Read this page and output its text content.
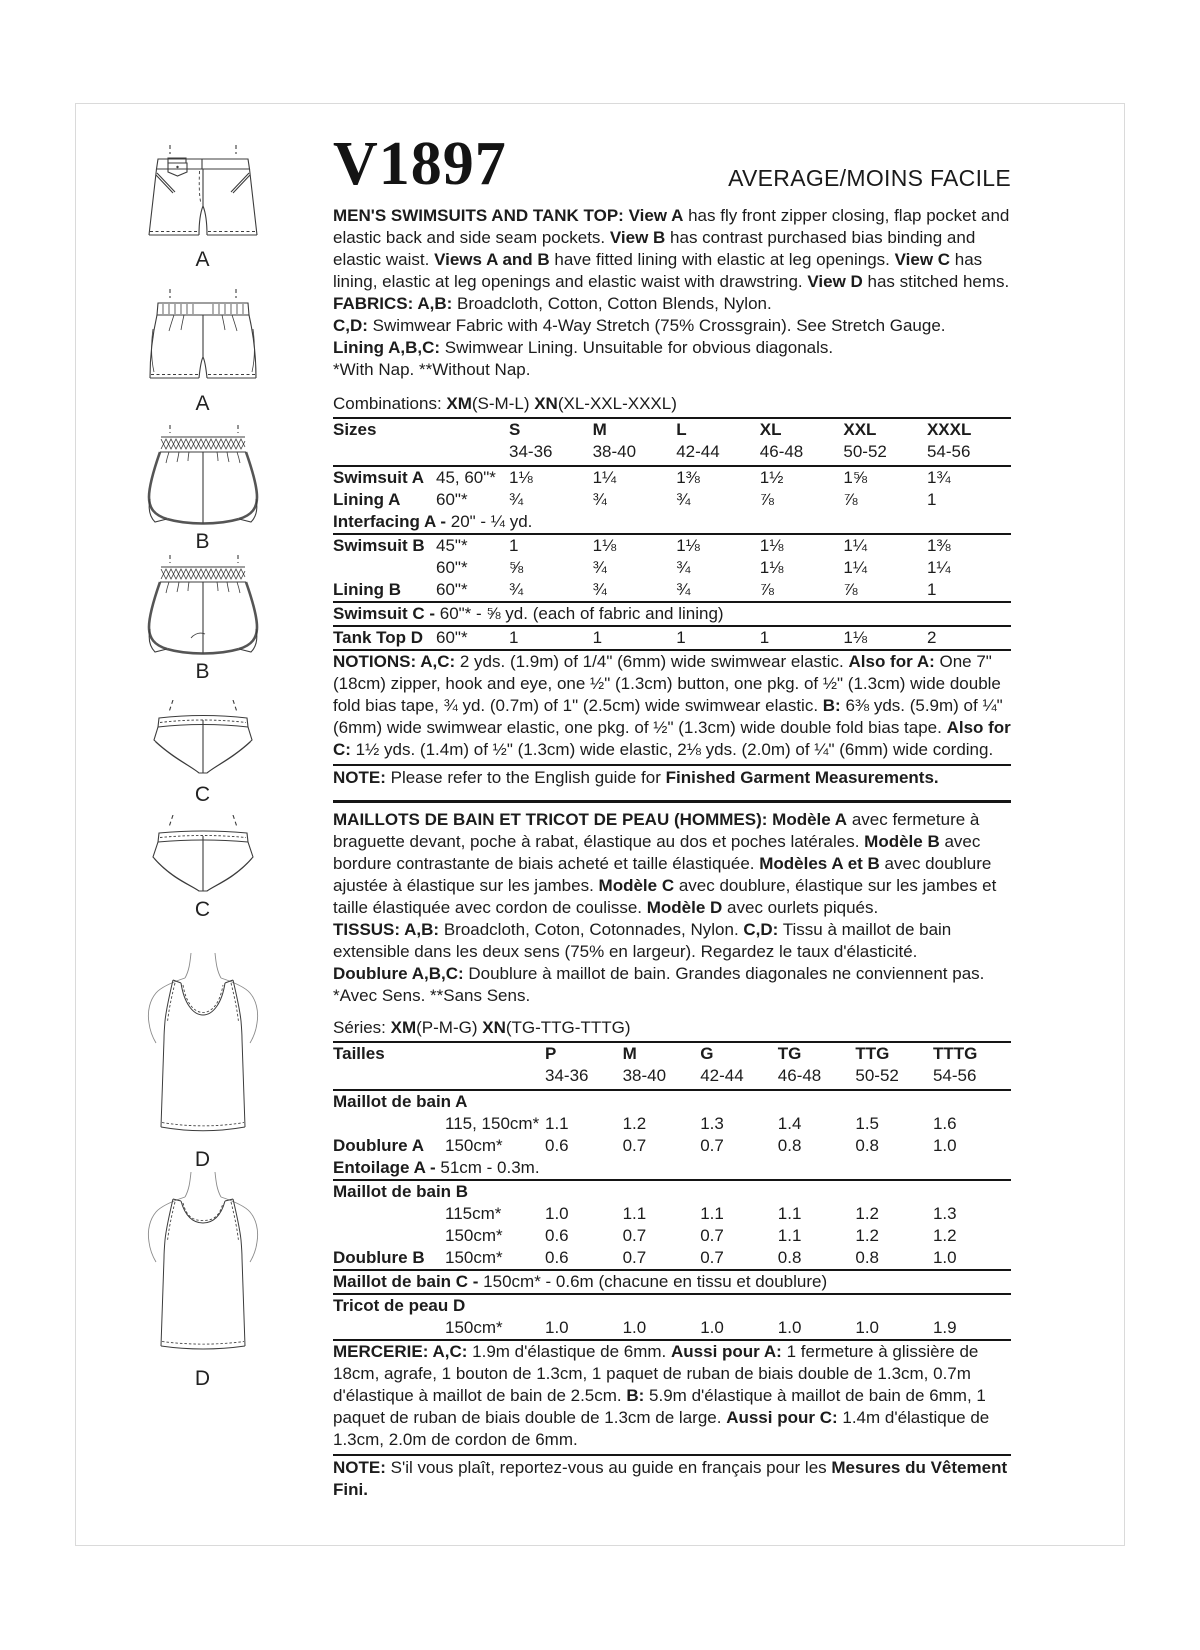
A
A
B
B
C
C
D
D
V1897	AVERAGE/MOINS FACILE

MEN'S SWIMSUITS AND TANK TOP: View A has fly front zipper closing, flap pocket and elastic back and side seam pockets. View B has contrast purchased bias binding and elastic waist. Views A and B have fitted lining with elastic at leg openings. View C has lining, elastic at leg openings and elastic waist with drawstring. View D has stitched hems. FABRICS: A,B: Broadcloth, Cotton, Cotton Blends, Nylon.
C,D: Swimwear Fabric with 4-Way Stretch (75% Crossgrain). See Stretch Gauge.
Lining A,B,C: Swimwear Lining. Unsuitable for obvious diagonals.
*With Nap. **Without Nap.

Combinations: XM(S-M-L) XN(XL-XXL-XXXL)

Sizes	S	M	L	XL	XXL	XXXL
34-36	38-40	42-44	46-48	50-52	54-56
Swimsuit A 45, 60"* 1⅛	1¼	1⅜	1½	1⅝	1¾
Lining A	60"*	¾	¾	¾	⅞	⅞	1
Interfacing A - 20" - ¼ yd.
Swimsuit B 45"*	1	1⅛	1⅛	1⅛	1¼	1⅜
60"*	⅝	¾	¾	1⅛	1¼	1¼
Lining B	60"*	¾	¾	¾	⅞	⅞	1
Swimsuit C - 60"* - ⅝ yd. (each of fabric and lining)
Tank Top D 60"*	1	1	1	1	1⅛	2

NOTIONS: A,C: 2 yds. (1.9m) of 1/4" (6mm) wide swimwear elastic. Also for A: One 7" (18cm) zipper, hook and eye, one ½" (1.3cm) button, one pkg. of ½" (1.3cm) wide double fold bias tape, ¾ yd. (0.7m) of 1" (2.5cm) wide swimwear elastic. B: 6⅜ yds. (5.9m) of ¼" (6mm) wide swimwear elastic, one pkg. of ½" (1.3cm) wide double fold bias tape. Also for C: 1½ yds. (1.4m) of ½" (1.3cm) wide elastic, 2⅛ yds. (2.0m) of ¼" (6mm) wide cording.

NOTE: Please refer to the English guide for Finished Garment Measurements.

MAILLOTS DE BAIN ET TRICOT DE PEAU (HOMMES): Modèle A avec fermeture à braguette devant, poche à rabat, élastique au dos et poches latérales. Modèle B avec bordure contrastante de biais acheté et taille élastiquée. Modèles A et B avec doublure ajustée à élastique sur les jambes. Modèle C avec doublure, élastique sur les jambes et taille élastiquée avec cordon de coulisse. Modèle D avec ourlets piqués.
TISSUS: A,B: Broadcloth, Coton, Cotonnades, Nylon. C,D: Tissu à maillot de bain extensible dans les deux sens (75% en largeur). Regardez le taux d'élasticité.
Doublure A,B,C: Doublure à maillot de bain. Grandes diagonales ne conviennent pas. *Avec Sens. **Sans Sens.

Séries: XM(P-M-G) XN(TG-TTG-TTTG)

Tailles	P	M	G	TG	TTG	TTTG
34-36	38-40	42-44	46-48	50-52	54-56
Maillot de bain A
115, 150cm* 1.1	1.2	1.3	1.4	1.5	1.6
Doublure A	150cm*	0.6	0.7	0.7	0.8	0.8	1.0
Entoilage A - 51cm - 0.3m.
Maillot de bain B
115cm*	1.0	1.1	1.1	1.1	1.2	1.3
150cm*	0.6	0.7	0.7	1.1	1.2	1.2
Doublure B	150cm*	0.6	0.7	0.7	0.8	0.8	1.0
Maillot de bain C - 150cm* - 0.6m (chacune en tissu et doublure)
Tricot de peau D
150cm*	1.0	1.0	1.0	1.0	1.0	1.9

MERCERIE: A,C: 1.9m d'élastique de 6mm. Aussi pour A: 1 fermeture à glissière de 18cm, agrafe, 1 bouton de 1.3cm, 1 paquet de ruban de biais double de 1.3cm, 0.7m d'élastique à maillot de bain de 2.5cm. B: 5.9m d'élastique à maillot de bain de 6mm, 1 paquet de ruban de biais double de 1.3cm de large. Aussi pour C: 1.4m d'élastique de 1.3cm, 2.0m de cordon de 6mm.

NOTE: S'il vous plaît, reportez-vous au guide en français pour les Mesures du Vêtement Fini.
